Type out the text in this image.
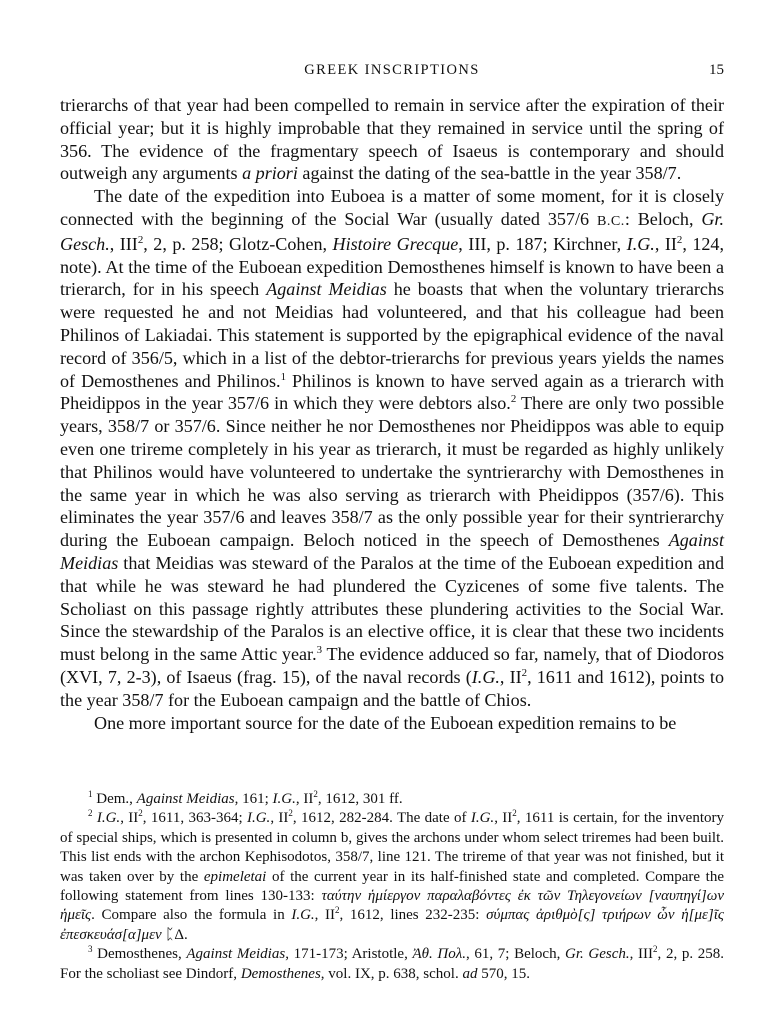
GREEK INSCRIPTIONS	15

trierarchs of that year had been compelled to remain in service after the expiration of their official year; but it is highly improbable that they remained in service until the spring of 356. The evidence of the fragmentary speech of Isaeus is contemporary and should outweigh any arguments a priori against the dating of the sea-battle in the year 358/7.

The date of the expedition into Euboea is a matter of some moment, for it is closely connected with the beginning of the Social War (usually dated 357/6 B.C.: Beloch, Gr. Gesch., III$^2$, 2, p. 258; Glotz-Cohen, Histoire Grecque, III, p. 187; Kirchner, I.G., $II^2$, 124, note). At the time of the Euboean expedition Demosthenes himself is known to have been a trierarch, for in his speech Against Meidias he boasts that when the voluntary trierarchs were requested he and not Meidias had volunteered, and that his colleague had been Philinos of Lakiadai. This statement is supported by the epigraphical evidence of the naval record of 356/5, which in a list of the debtor-trierarchs for previous years yields the names of Demosthenes and Philinos.$^1$ Philinos is known to have served again as a trierarch with Pheidippos in the year 357/6 in which they were debtors also.$^2$ There are only two possible years, 358/7 or 357/6. Since neither he nor Demosthenes nor Pheidippos was able to equip even one trireme completely in his year as trierarch, it must be regarded as highly unlikely that Philinos would have volunteered to undertake the syntrierarchy with Demosthenes in the same year in which he was also serving as trierarch with Pheidippos (357/6). This eliminates the year 357/6 and leaves 358/7 as the only possible year for their syntrierarchy during the Euboean campaign. Beloch noticed in the speech of Demosthenes Against Meidias that Meidias was steward of the Paralos at the time of the Euboean expedition and that while he was steward he had plundered the Cyzicenes of some five talents. The Scholiast on this passage rightly attributes these plundering activities to the Social War. Since the stewardship of the Paralos is an elective office, it is clear that these two incidents must belong in the same Attic year.$^3$ The evidence adduced so far, namely, that of Diodoros (XVI, 7, 2-3), of Isaeus (frag. 15), of the naval records (I.G., $II^2$, 1611 and 1612), points to the year 358/7 for the Euboean campaign and the battle of Chios.

One more important source for the date of the Euboean expedition remains to be

$^1$ Dem., Against Meidias, 161; I.G., $II^2$, 1612, 301 ff.

$^2$ I.G., $II^2$, 1611, 363-364; I.G., $II^2$, 1612, 282-284. The date of I.G., $II^2$, 1611 is certain, for the inventory of special ships, which is presented in column b, gives the archons under whom select triremes had been built. This list ends with the archon Kephisodotos, 358/7, line 121. The trireme of that year was not finished, but it was taken over by the epimeletai of the current year in its half-finished state and completed. Compare the following statement from lines 130-133: ταύτην ἡμίεργον παραλαβόντες ἐκ τῶν Τηλεγονείων [ναυπηγί]ων ἡμεῖς. Compare also the formula in I.G., $II^2$, 1612, lines 232-235: σύμπας ἀριθμὸ[ς] τριήρων ὧν ἡ[με]ῖς ἐπεσκευάσ[α]μεν ᛈΔ.

$^3$ Demosthenes, Against Meidias, 171-173; Aristotle, Ἀθ. Πολ., 61, 7; Beloch, Gr. Gesch., III$^2$, 2, p. 258. For the scholiast see Dindorf, Demosthenes, vol. IX, p. 638, schol. ad 570, 15.
